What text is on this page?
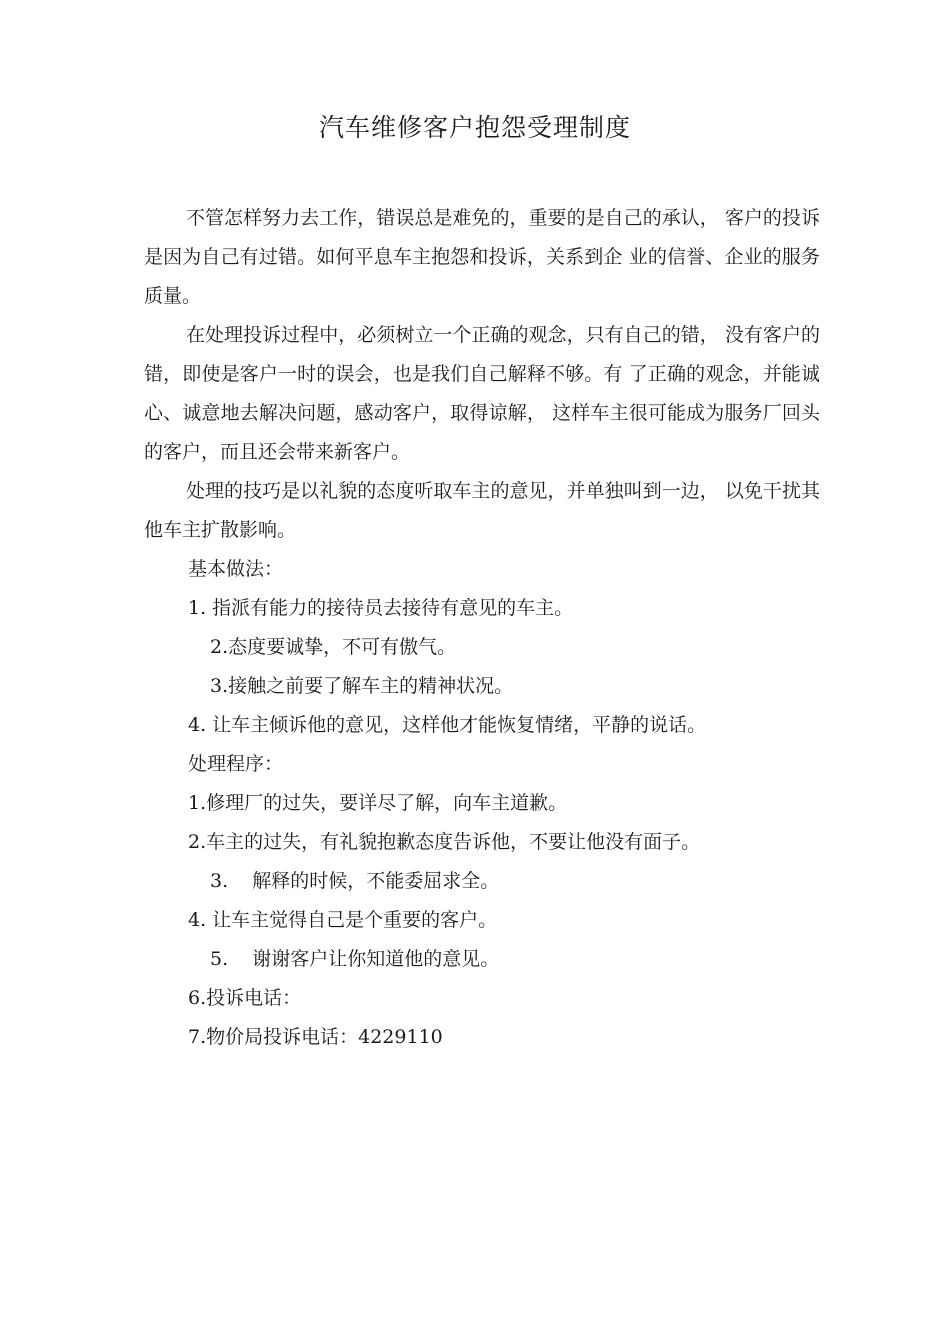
汽车维修客户抱怨受理制度

不管怎样努力去工作，错误总是难免的，重要的是自己的承认， 客户的投诉是因为自己有过错。如何平息车主抱怨和投诉，关系到企 业的信誉、企业的服务质量。

在处理投诉过程中，必须树立一个正确的观念，只有自己的错， 没有客户的错，即使是客户一时的误会，也是我们自己解释不够。有 了正确的观念，并能诚心、诚意地去解决问题，感动客户，取得谅解， 这样车主很可能成为服务厂回头的客户，而且还会带来新客户。

处理的技巧是以礼貌的态度听取车主的意见，并单独叫到一边， 以免干扰其他车主扩散影响。

基本做法：

1. 指派有能力的接待员去接待有意见的车主。

2.态度要诚挚，不可有傲气。

3.接触之前要了解车主的精神状况。

4. 让车主倾诉他的意见，这样他才能恢复情绪，平静的说话。

处理程序：

1.修理厂的过失，要详尽了解，向车主道歉。

2.车主的过失，有礼貌抱歉态度告诉他，不要让他没有面子。

3.    解释的时候，不能委屈求全。

4. 让车主觉得自己是个重要的客户。

5.    谢谢客户让你知道他的意见。

6.投诉电话：

7.物价局投诉电话：4229110
